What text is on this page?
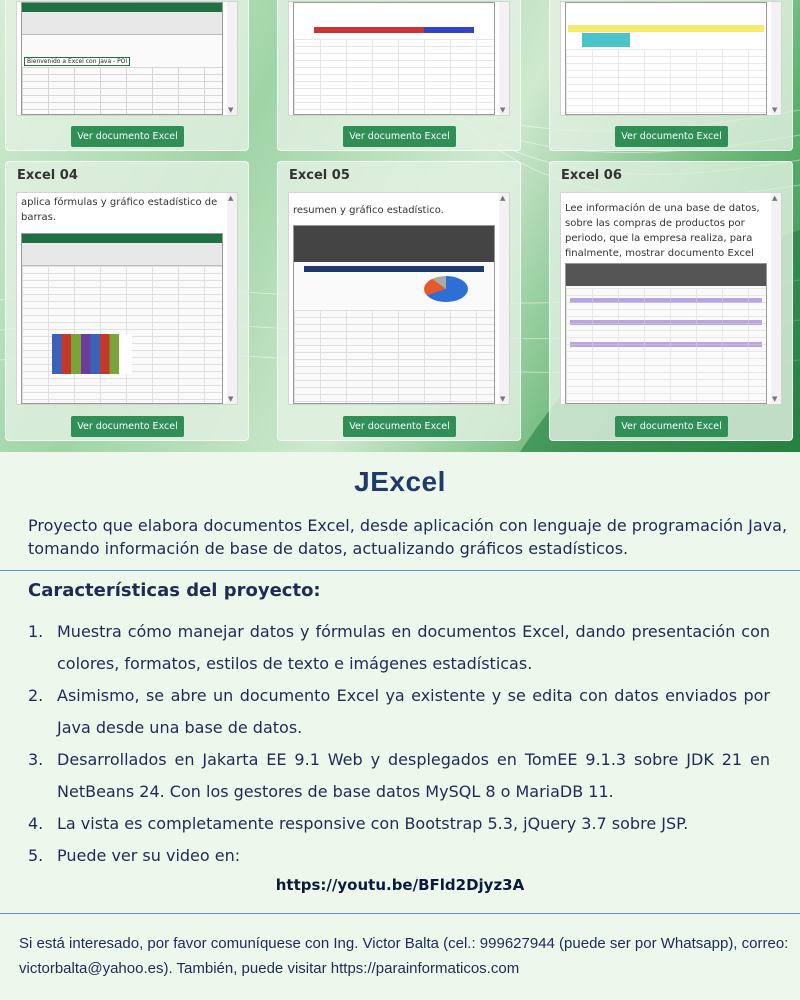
Bienvenido a Excel con Java - POI
▼
Ver documento Excel
▼
Ver documento Excel
▼
Ver documento Excel
Excel 04
aplica fórmulas y gráfico estadístico de barras.
▲
▼
Ver documento Excel
Excel 05
resumen y gráfico estadístico.
▲
▼
Ver documento Excel
Excel 06
Lee información de una base de datos, sobre las compras de productos por periodo, que la empresa realiza, para finalmente, mostrar documento Excel
▲
▼
Ver documento Excel
JExcel
Proyecto que elabora documentos Excel, desde aplicación con lenguaje de programación Java, tomando información de base de datos, actualizando gráficos estadísticos.
Características del proyecto:
1. Muestra cómo manejar datos y fórmulas en documentos Excel, dando presentación con colores, formatos, estilos de texto e imágenes estadísticas.
2. Asimismo, se abre un documento Excel ya existente y se edita con datos enviados por Java desde una base de datos.
3. Desarrollados en Jakarta EE 9.1 Web y desplegados en TomEE 9.1.3 sobre JDK 21 en NetBeans 24. Con los gestores de base datos MySQL 8 o MariaDB 11.
4. La vista es completamente responsive con Bootstrap 5.3, jQuery 3.7 sobre JSP.
5. Puede ver su video en:
https://youtu.be/BFld2Djyz3A
Si está interesado, por favor comuníquese con Ing. Victor Balta (cel.: 999627944 (puede ser por Whatsapp), correo: victorbalta@yahoo.es). También, puede visitar https://parainformaticos.com
